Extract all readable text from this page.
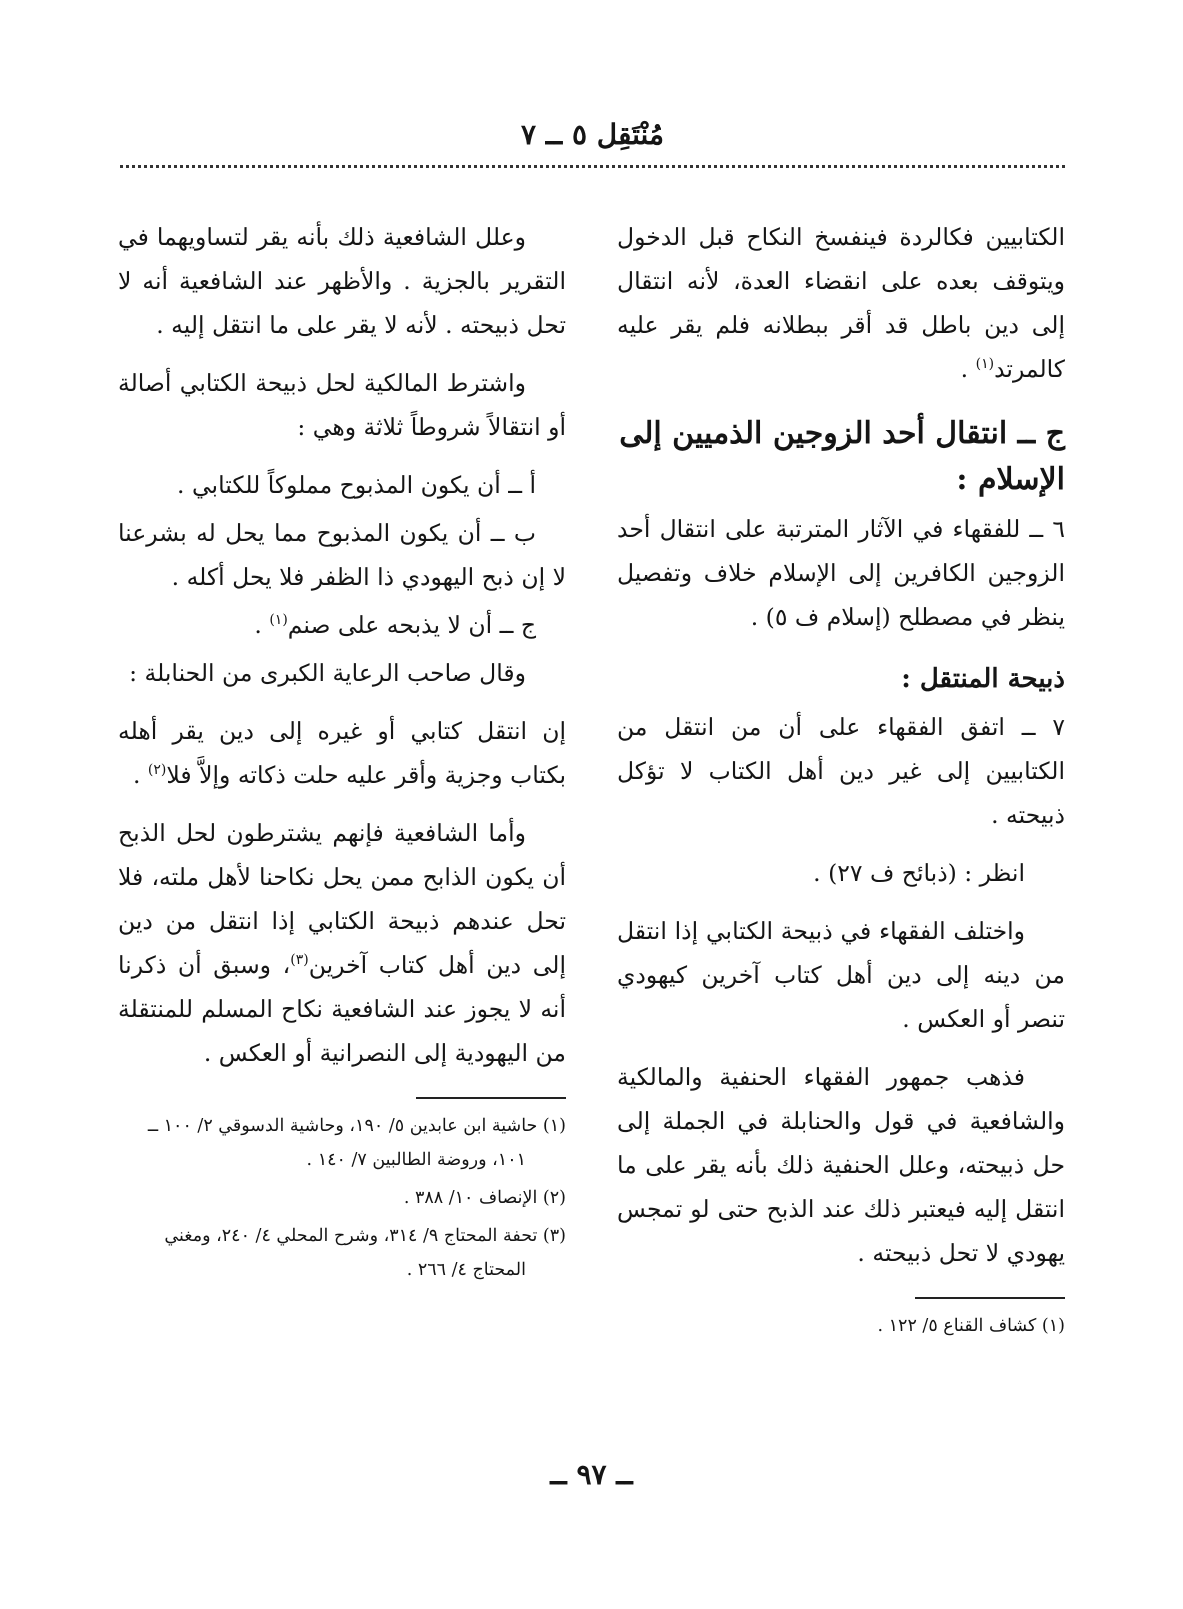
مُنْتَقِل ٥ ــ ٧

الكتابيين فكالردة فينفسخ النكاح قبل الدخول ويتوقف بعده على انقضاء العدة، لأنه انتقال إلى دين باطل قد أقر ببطلانه فلم يقر عليه كالمرتد$^{(١)}$ .

ج ــ انتقال أحد الزوجين الذميين إلى الإسلام :

٦ ــ للفقهاء في الآثار المترتبة على انتقال أحد الزوجين الكافرين إلى الإسلام خلاف وتفصيل ينظر في مصطلح (إسلام ف ٥) .

ذبيحة المنتقل :

٧ ــ اتفق الفقهاء على أن من انتقل من الكتابيين إلى غير دين أهل الكتاب لا تؤكل ذبيحته .

انظر : (ذبائح ف ٢٧) .

واختلف الفقهاء في ذبيحة الكتابي إذا انتقل من دينه إلى دين أهل كتاب آخرين كيهودي تنصر أو العكس .

فذهب جمهور الفقهاء الحنفية والمالكية والشافعية في قول والحنابلة في الجملة إلى حل ذبيحته، وعلل الحنفية ذلك بأنه يقر على ما انتقل إليه فيعتبر ذلك عند الذبح حتى لو تمجس يهودي لا تحل ذبيحته .

(١) كشاف القناع ٥/ ١٢٢ .

وعلل الشافعية ذلك بأنه يقر لتساويهما في التقرير بالجزية . والأظهر عند الشافعية أنه لا تحل ذبيحته . لأنه لا يقر على ما انتقل إليه .

واشترط المالكية لحل ذبيحة الكتابي أصالة أو انتقالاً شروطاً ثلاثة وهي :

أ ــ أن يكون المذبوح مملوكاً للكتابي .

ب ــ أن يكون المذبوح مما يحل له بشرعنا لا إن ذبح اليهودي ذا الظفر فلا يحل أكله .

ج ــ أن لا يذبحه على صنم$^{(١)}$ .

وقال صاحب الرعاية الكبرى من الحنابلة :

إن انتقل كتابي أو غيره إلى دين يقر أهله بكتاب وجزية وأقر عليه حلت ذكاته وإلاَّ فلا$^{(٢)}$ .

وأما الشافعية فإنهم يشترطون لحل الذبح أن يكون الذابح ممن يحل نكاحنا لأهل ملته، فلا تحل عندهم ذبيحة الكتابي إذا انتقل من دين إلى دين أهل كتاب آخرين$^{(٣)}$، وسبق أن ذكرنا أنه لا يجوز عند الشافعية نكاح المسلم للمنتقلة من اليهودية إلى النصرانية أو العكس .

(١) حاشية ابن عابدين ٥/ ١٩٠، وحاشية الدسوقي ٢/ ١٠٠ ــ ١٠١، وروضة الطالبين ٧/ ١٤٠ .

(٢) الإنصاف ١٠/ ٣٨٨ .

(٣) تحفة المحتاج ٩/ ٣١٤، وشرح المحلي ٤/ ٢٤٠، ومغني المحتاج ٤/ ٢٦٦ .

ــ ٩٧ ــ
